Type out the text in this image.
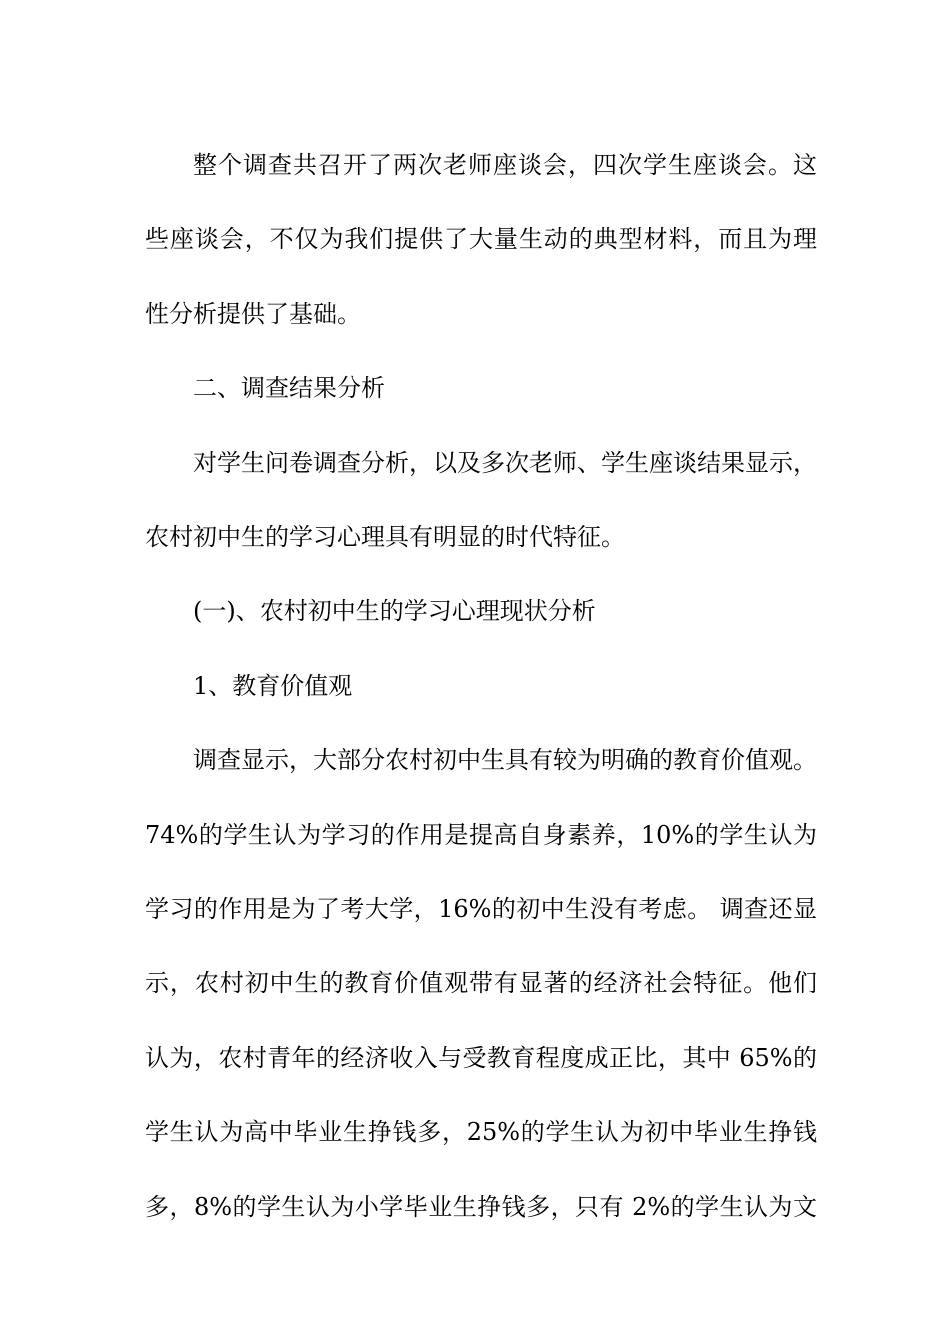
整个调查共召开了两次老师座谈会，四次学生座谈会。这
些座谈会，不仅为我们提供了大量生动的典型材料，而且为理
性分析提供了基础。
二、调查结果分析
对学生问卷调查分析，以及多次老师、学生座谈结果显示，
农村初中生的学习心理具有明显的时代特征。
(一)、农村初中生的学习心理现状分析
1、教育价值观
调查显示，大部分农村初中生具有较为明确的教育价值观。
74%的学生认为学习的作用是提高自身素养，10%的学生认为
学习的作用是为了考大学，16%的初中生没有考虑。 调查还显
示，农村初中生的教育价值观带有显著的经济社会特征。他们
认为，农村青年的经济收入与受教育程度成正比，其中 65%的
学生认为高中毕业生挣钱多，25%的学生认为初中毕业生挣钱
多，8%的学生认为小学毕业生挣钱多，只有 2%的学生认为文
